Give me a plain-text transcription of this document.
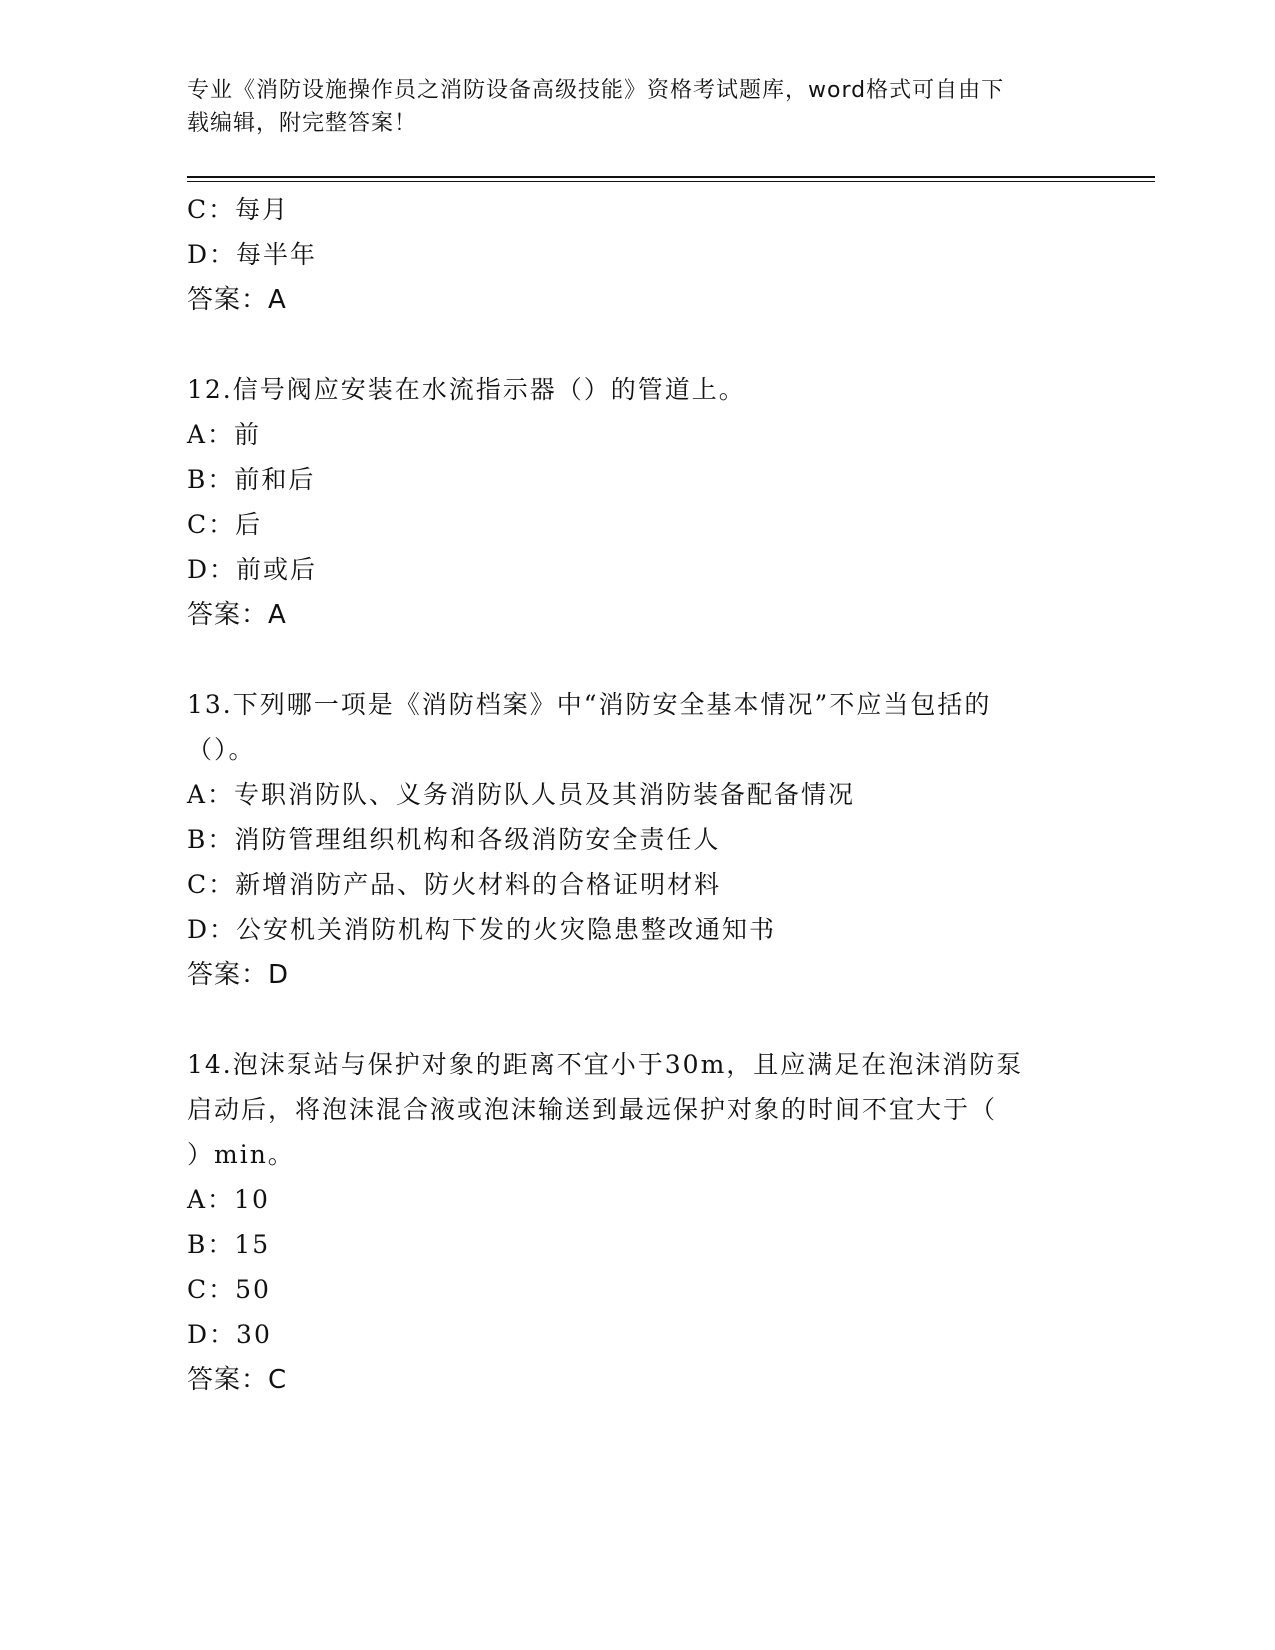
专业《消防设施操作员之消防设备高级技能》资格考试题库，word格式可自由下
载编辑，附完整答案！
C：每月
D：每半年
答案：A
12.信号阀应安装在水流指示器（）的管道上。
A：前
B：前和后
C：后
D：前或后
答案：A
13.下列哪一项是《消防档案》中“消防安全基本情况”不应当包括的
（）。
A：专职消防队、义务消防队人员及其消防装备配备情况
B：消防管理组织机构和各级消防安全责任人
C：新增消防产品、防火材料的合格证明材料
D：公安机关消防机构下发的火灾隐患整改通知书
答案：D
14.泡沫泵站与保护对象的距离不宜小于30m，且应满足在泡沫消防泵
启动后，将泡沫混合液或泡沫输送到最远保护对象的时间不宜大于（
）min。
A：10
B：15
C：50
D：30
答案：C
